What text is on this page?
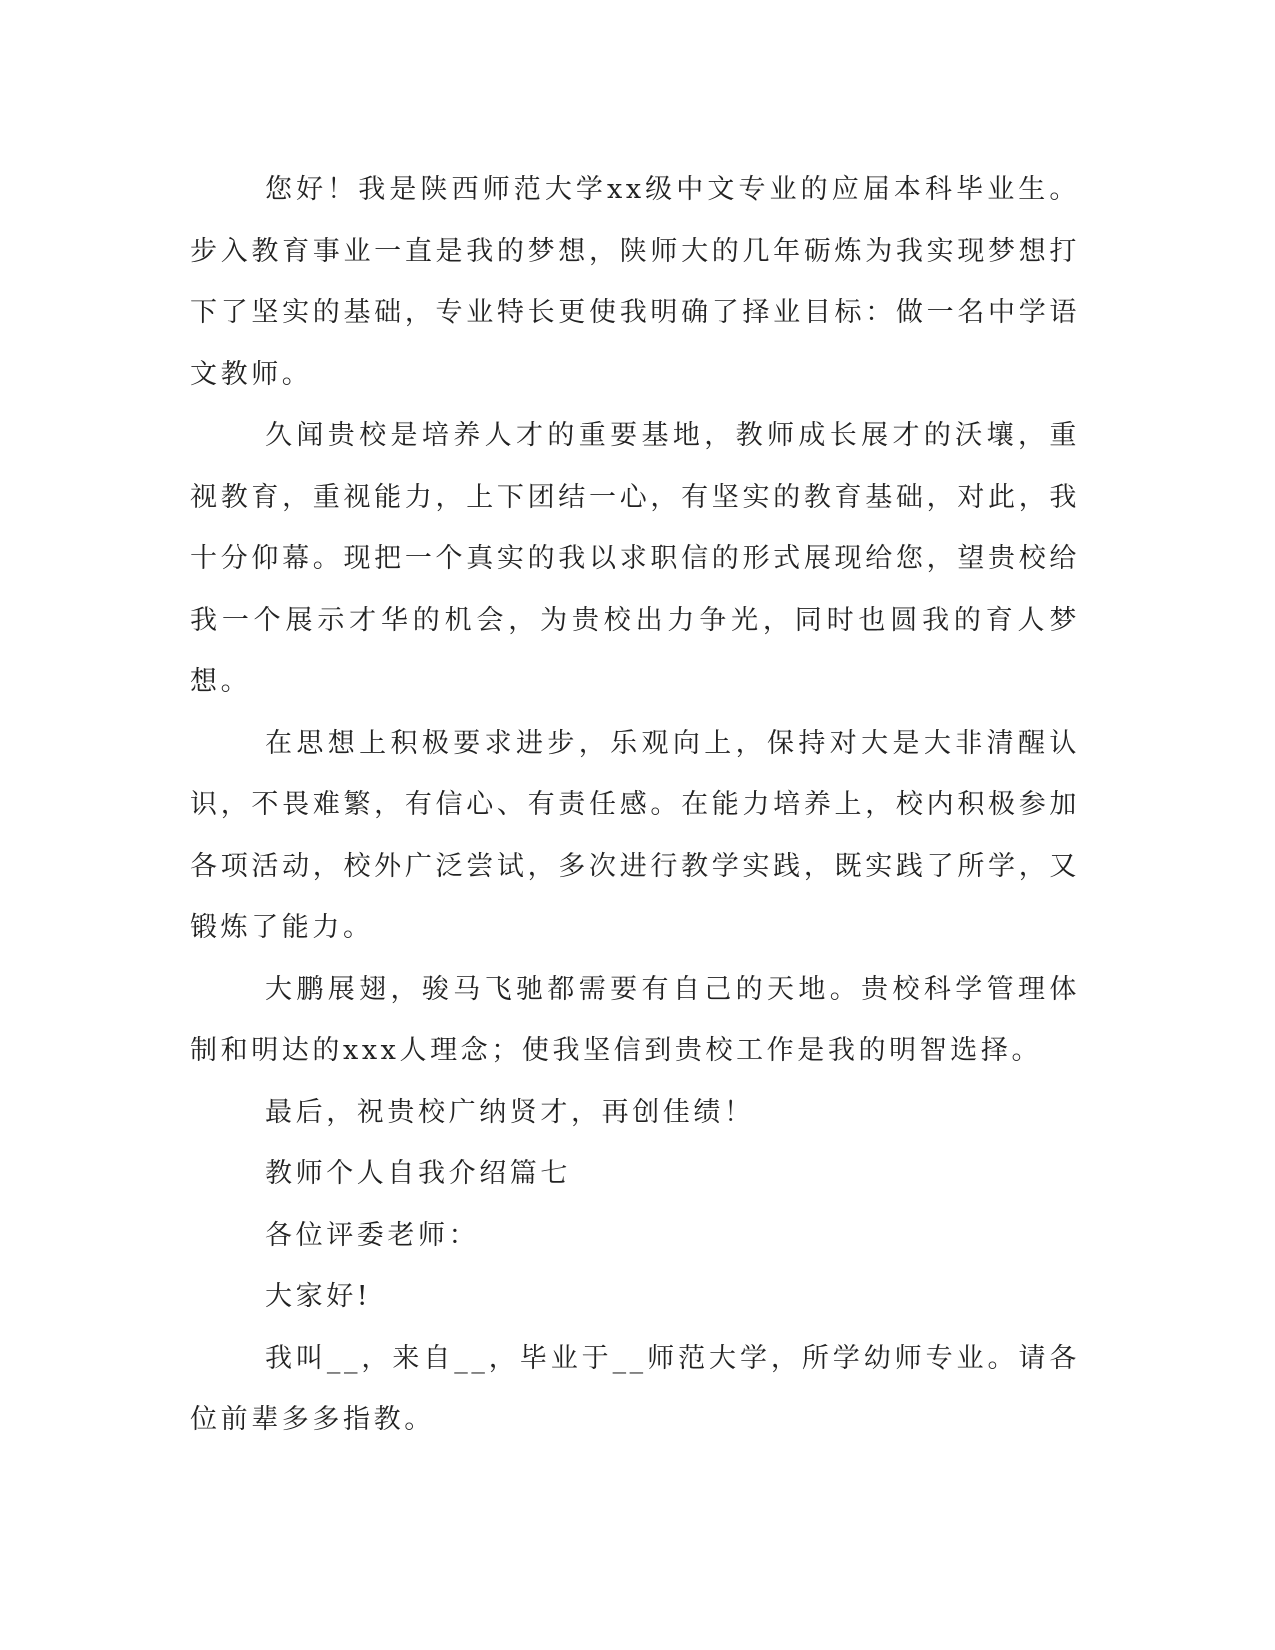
您好！我是陕西师范大学xx级中文专业的应届本科毕业生。步入教育事业一直是我的梦想，陕师大的几年砺炼为我实现梦想打下了坚实的基础，专业特长更使我明确了择业目标：做一名中学语文教师。

久闻贵校是培养人才的重要基地，教师成长展才的沃壤，重视教育，重视能力，上下团结一心，有坚实的教育基础，对此，我十分仰幕。现把一个真实的我以求职信的形式展现给您，望贵校给我一个展示才华的机会，为贵校出力争光，同时也圆我的育人梦想。

在思想上积极要求进步，乐观向上，保持对大是大非清醒认识，不畏难繁，有信心、有责任感。在能力培养上，校内积极参加各项活动，校外广泛尝试，多次进行教学实践，既实践了所学，又锻炼了能力。

大鹏展翅，骏马飞驰都需要有自己的天地。贵校科学管理体制和明达的xxx人理念；使我坚信到贵校工作是我的明智选择。

最后，祝贵校广纳贤才，再创佳绩！

教师个人自我介绍篇七

各位评委老师：

大家好!

我叫__，来自__，毕业于__师范大学，所学幼师专业。请各位前辈多多指教。
